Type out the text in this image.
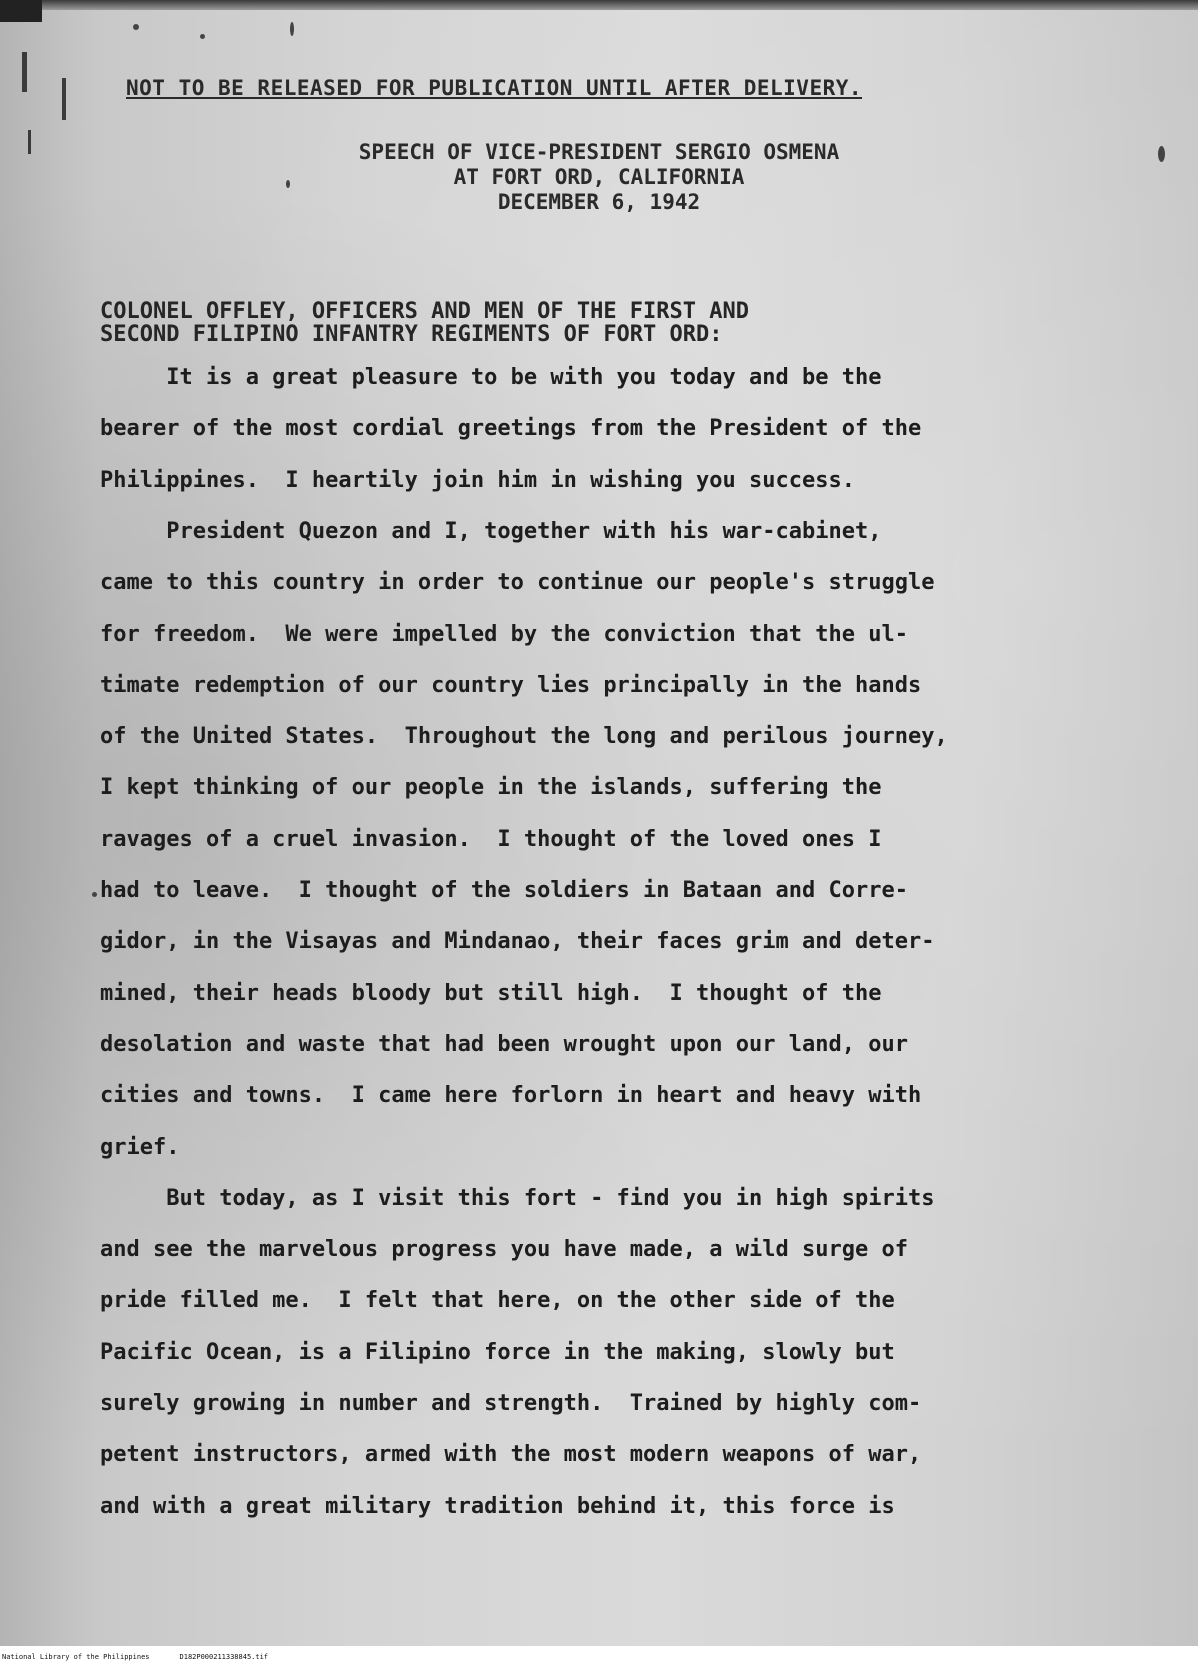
NOT TO BE RELEASED FOR PUBLICATION UNTIL AFTER DELIVERY.
SPEECH OF VICE-PRESIDENT SERGIO OSMENA
AT FORT ORD, CALIFORNIA
DECEMBER 6, 1942
COLONEL OFFLEY, OFFICERS AND MEN OF THE FIRST AND
SECOND FILIPINO INFANTRY REGIMENTS OF FORT ORD:
It is a great pleasure to be with you today and be the
bearer of the most cordial greetings from the President of the
Philippines.  I heartily join him in wishing you success.
President Quezon and I, together with his war-cabinet,
came to this country in order to continue our people's struggle
for freedom.  We were impelled by the conviction that the ul-
timate redemption of our country lies principally in the hands
of the United States.  Throughout the long and perilous journey,
I kept thinking of our people in the islands, suffering the
ravages of a cruel invasion.  I thought of the loved ones I
had to leave.  I thought of the soldiers in Bataan and Corre-
gidor, in the Visayas and Mindanao, their faces grim and deter-
mined, their heads bloody but still high.  I thought of the
desolation and waste that had been wrought upon our land, our
cities and towns.  I came here forlorn in heart and heavy with
grief.
But today, as I visit this fort - find you in high spirits
and see the marvelous progress you have made, a wild surge of
pride filled me.  I felt that here, on the other side of the
Pacific Ocean, is a Filipino force in the making, slowly but
surely growing in number and strength.  Trained by highly com-
petent instructors, armed with the most modern weapons of war,
and with a great military tradition behind it, this force is
National Library of the Philippines	D182P000211338845.tif
